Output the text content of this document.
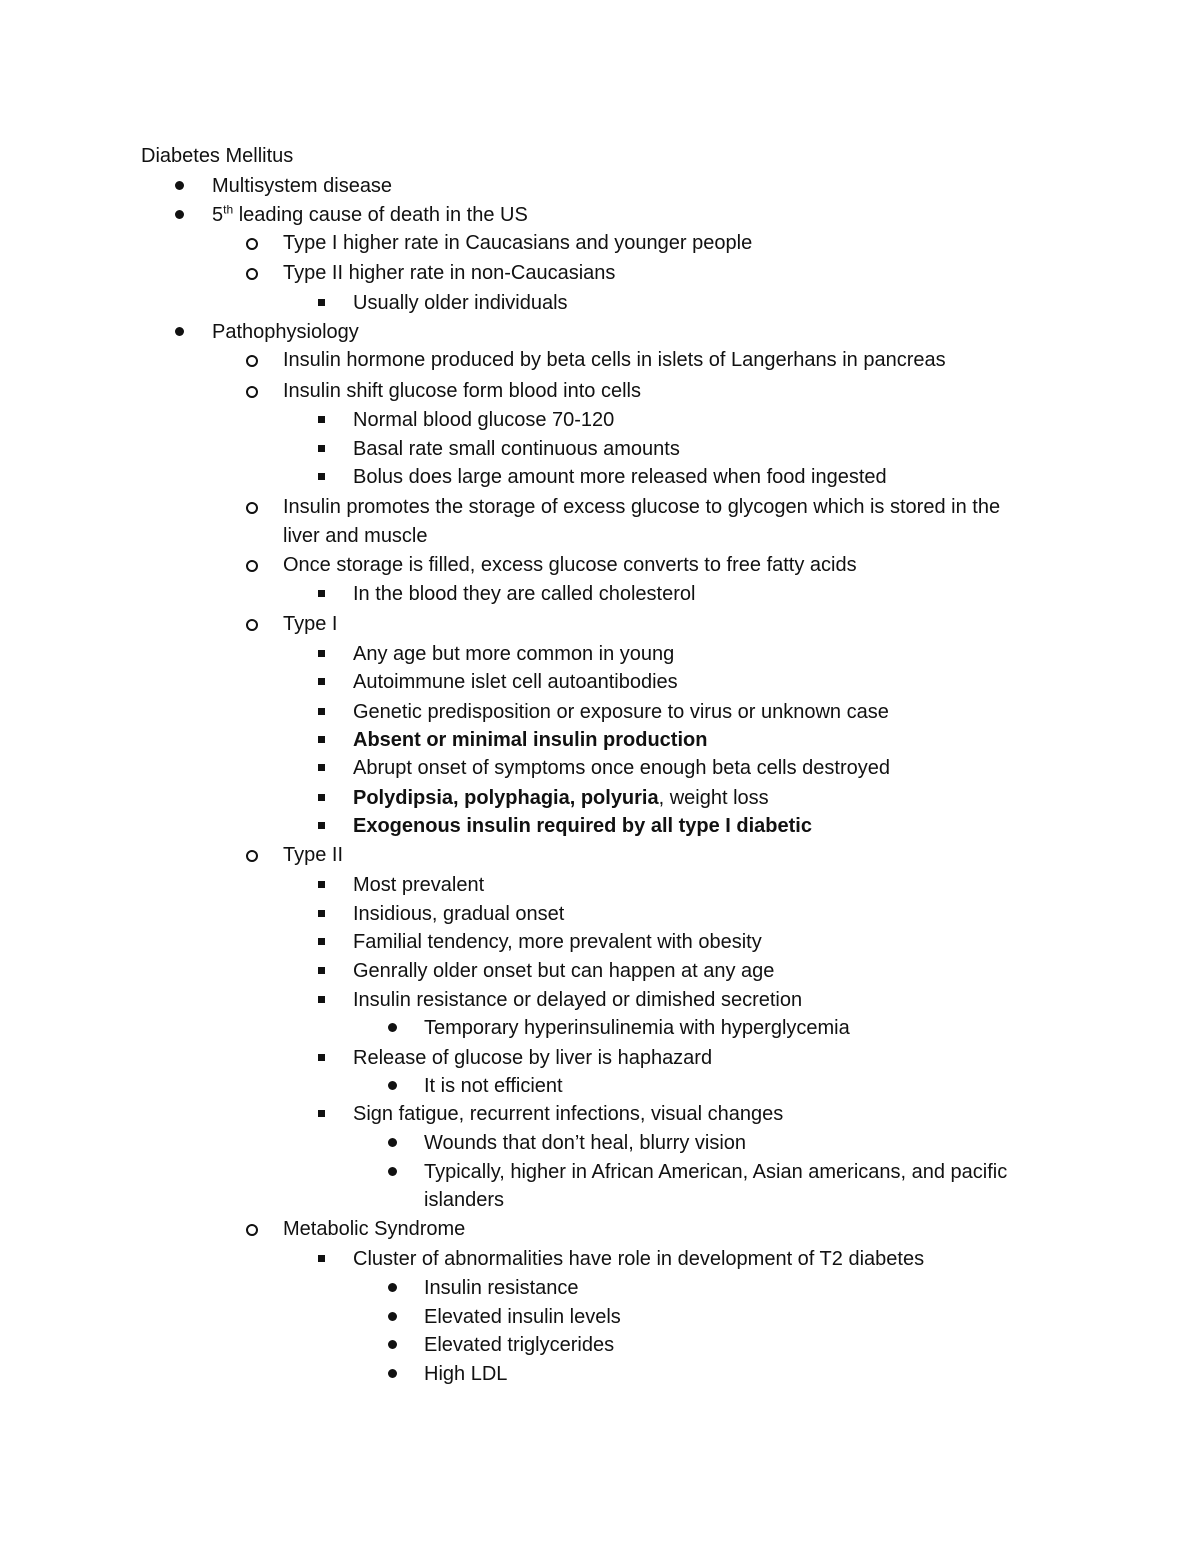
Diabetes Mellitus
Multisystem disease
5th leading cause of death in the US
Type I higher rate in Caucasians and younger people
Type II higher rate in non-Caucasians
Usually older individuals
Pathophysiology
Insulin hormone produced by beta cells in islets of Langerhans in pancreas
Insulin shift glucose form blood into cells
Normal blood glucose 70-120
Basal rate small continuous amounts
Bolus does large amount more released when food ingested
Insulin promotes the storage of excess glucose to glycogen which is stored in the
liver and muscle
Once storage is filled, excess glucose converts to free fatty acids
In the blood they are called cholesterol
Type I
Any age but more common in young
Autoimmune islet cell autoantibodies
Genetic predisposition or exposure to virus or unknown case
Absent or minimal insulin production
Abrupt onset of symptoms once enough beta cells destroyed
Polydipsia, polyphagia, polyuria, weight loss
Exogenous insulin required by all type I diabetic
Type II
Most prevalent
Insidious, gradual onset
Familial tendency, more prevalent with obesity
Genrally older onset but can happen at any age
Insulin resistance or delayed or dimished secretion
Temporary hyperinsulinemia with hyperglycemia
Release of glucose by liver is haphazard
It is not efficient
Sign fatigue, recurrent infections, visual changes
Wounds that don’t heal, blurry vision
Typically, higher in African American, Asian americans, and pacific
islanders
Metabolic Syndrome
Cluster of abnormalities have role in development of T2 diabetes
Insulin resistance
Elevated insulin levels
Elevated triglycerides
High LDL
